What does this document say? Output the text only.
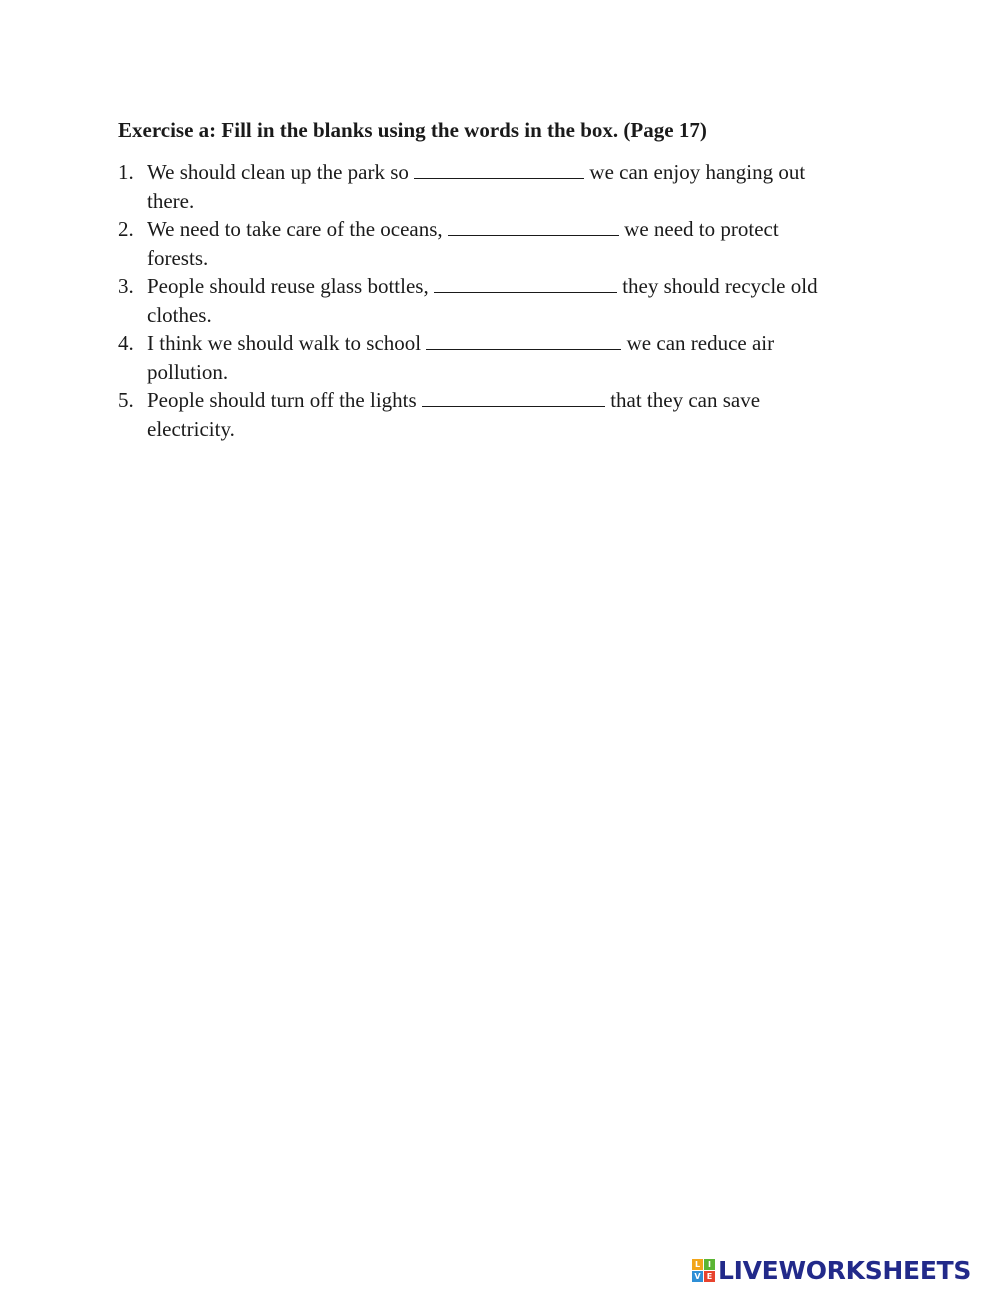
Exercise a: Fill in the blanks using the words in the box. (Page 17)
1. We should clean up the park so	we can enjoy hanging out
there.
2. We need to take care of the oceans,	we need to protect
forests.
3. People should reuse glass bottles,	they should recycle old
clothes.
4. I think we should walk to school	we can reduce air
pollution.
5. People should turn off the lights	that they can save
electricity.
L I
V E LIVEWORKSHEETS
